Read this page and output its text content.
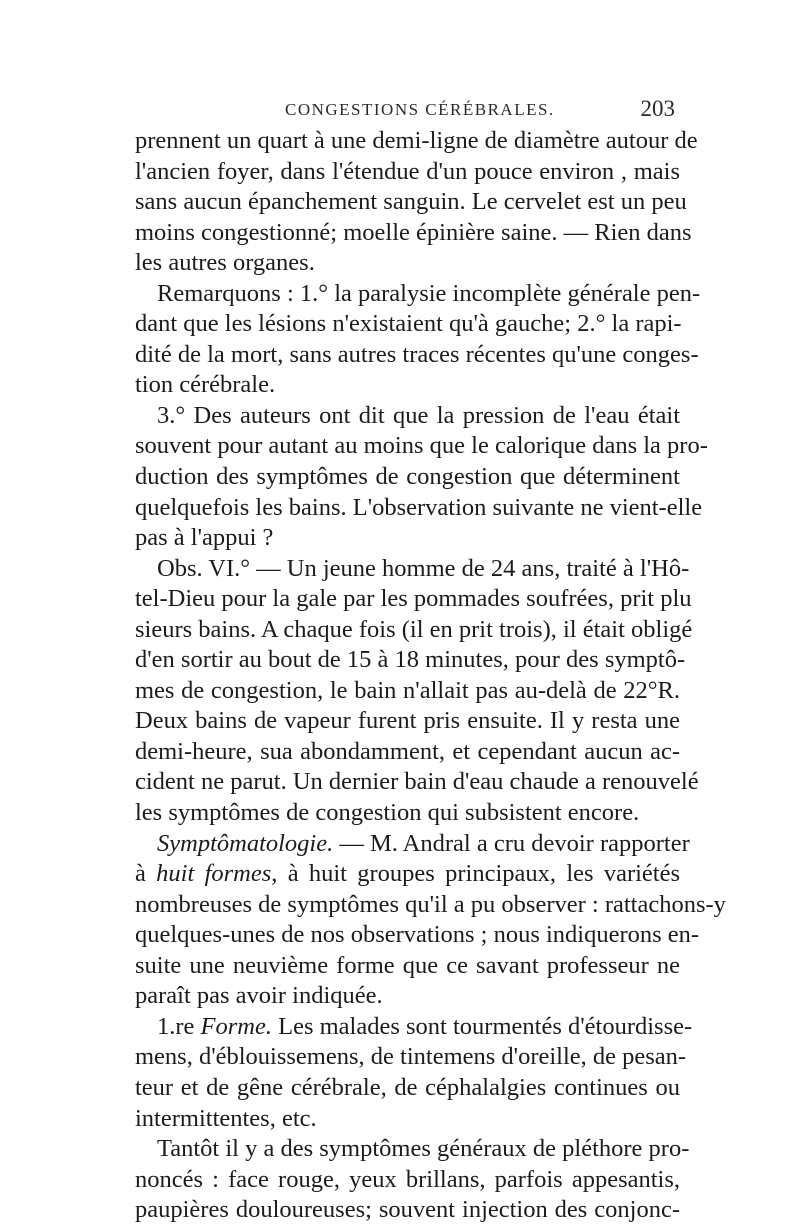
CONGESTIONS CÉRÉBRALES.	203
prennent un quart à une demi-ligne de diamètre autour de
l'ancien foyer, dans l'étendue d'un pouce environ , mais
sans aucun épanchement sanguin. Le cervelet est un peu
moins congestionné; moelle épinière saine. — Rien dans
les autres organes.
Remarquons : 1.° la paralysie incomplète générale pen-
dant que les lésions n'existaient qu'à gauche; 2.° la rapi-
dité de la mort, sans autres traces récentes qu'une conges-
tion cérébrale.
3.° Des auteurs ont dit que la pression de l'eau était
souvent pour autant au moins que le calorique dans la pro-
duction des symptômes de congestion que déterminent
quelquefois les bains. L'observation suivante ne vient-elle
pas à l'appui ?
Obs. VI.° — Un jeune homme de 24 ans, traité à l'Hô-
tel-Dieu pour la gale par les pommades soufrées, prit plu
sieurs bains. A chaque fois (il en prit trois), il était obligé
d'en sortir au bout de 15 à 18 minutes, pour des symptô-
mes de congestion, le bain n'allait pas au-delà de 22°R.
Deux bains de vapeur furent pris ensuite. Il y resta une
demi-heure, sua abondamment, et cependant aucun ac-
cident ne parut. Un dernier bain d'eau chaude a renouvelé
les symptômes de congestion qui subsistent encore.
Symptômatologie. — M. Andral a cru devoir rapporter
à huit formes, à huit groupes principaux, les variétés
nombreuses de symptômes qu'il a pu observer : rattachons-y
quelques-unes de nos observations ; nous indiquerons en-
suite une neuvième forme que ce savant professeur ne
paraît pas avoir indiquée.
1.re Forme. Les malades sont tourmentés d'étourdisse-
mens, d'éblouissemens, de tintemens d'oreille, de pesan-
teur et de gêne cérébrale, de céphalalgies continues ou
intermittentes, etc.
Tantôt il y a des symptômes généraux de pléthore pro-
noncés : face rouge, yeux brillans, parfois appesantis,
paupières douloureuses; souvent injection des conjonc-
